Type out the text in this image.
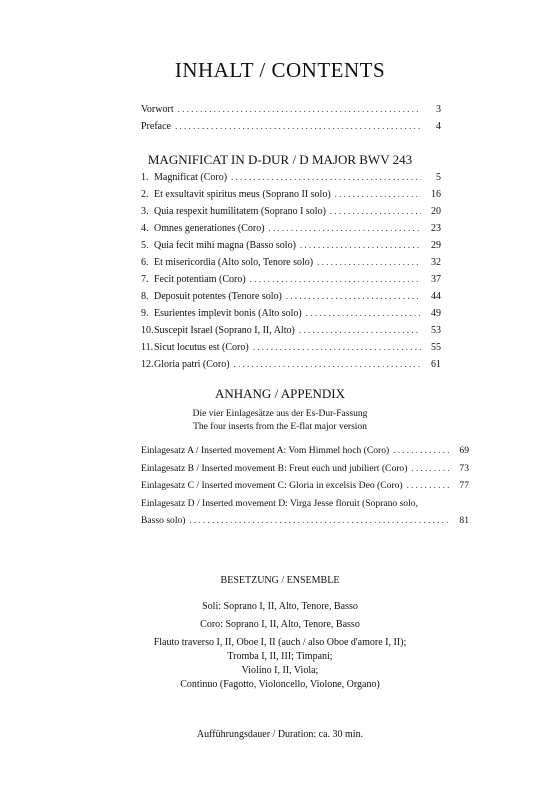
INHALT / CONTENTS
Vorwort . . .	3
Preface . . .	4
MAGNIFICAT IN D-DUR / D MAJOR BWV 243
1. Magnificat (Coro) . . .	5
2. Et exsultavit spiritus meus (Soprano II solo) . . .	16
3. Quia respexit humilitatem (Soprano I solo) . . .	20
4. Omnes generationes (Coro) . . .	23
5. Quia fecit mihi magna (Basso solo) . . .	29
6. Et misericordia (Alto solo, Tenore solo) . . .	32
7. Fecit potentiam (Coro) . . .	37
8. Deposuit potentes (Tenore solo) . . .	44
9. Esurientes implevit bonis (Alto solo) . . .	49
10. Suscepit Israel (Soprano I, II, Alto) . . .	53
11. Sicut locutus est (Coro) . . .	55
12. Gloria patri (Coro) . . .	61
ANHANG / APPENDIX
Die vier Einlagesätze aus der Es-Dur-Fassung
The four inserts from the E-flat major version
Einlagesatz A / Inserted movement A: Vom Himmel hoch (Coro) . . .	69
Einlagesatz B / Inserted movement B: Freut euch und jubiliert (Coro) . . .	73
Einlagesatz C / Inserted movement C: Gloria in excelsis Deo (Coro) . . .	77
Einlagesatz D / Inserted movement D: Virga Jesse floruit (Soprano solo,
Basso solo) . . .	81
BESETZUNG / ENSEMBLE
Soli: Soprano I, II, Alto, Tenore, Basso
Coro: Soprano I, II, Alto, Tenore, Basso
Flauto traverso I, II, Oboe I, II (auch / also Oboe d'amore I, II);
Tromba I, II, III; Timpani;
Violino I, II, Viola;
Continuo (Fagotto, Violoncello, Violone, Organo)
Aufführungsdauer / Duration: ca. 30 min.
